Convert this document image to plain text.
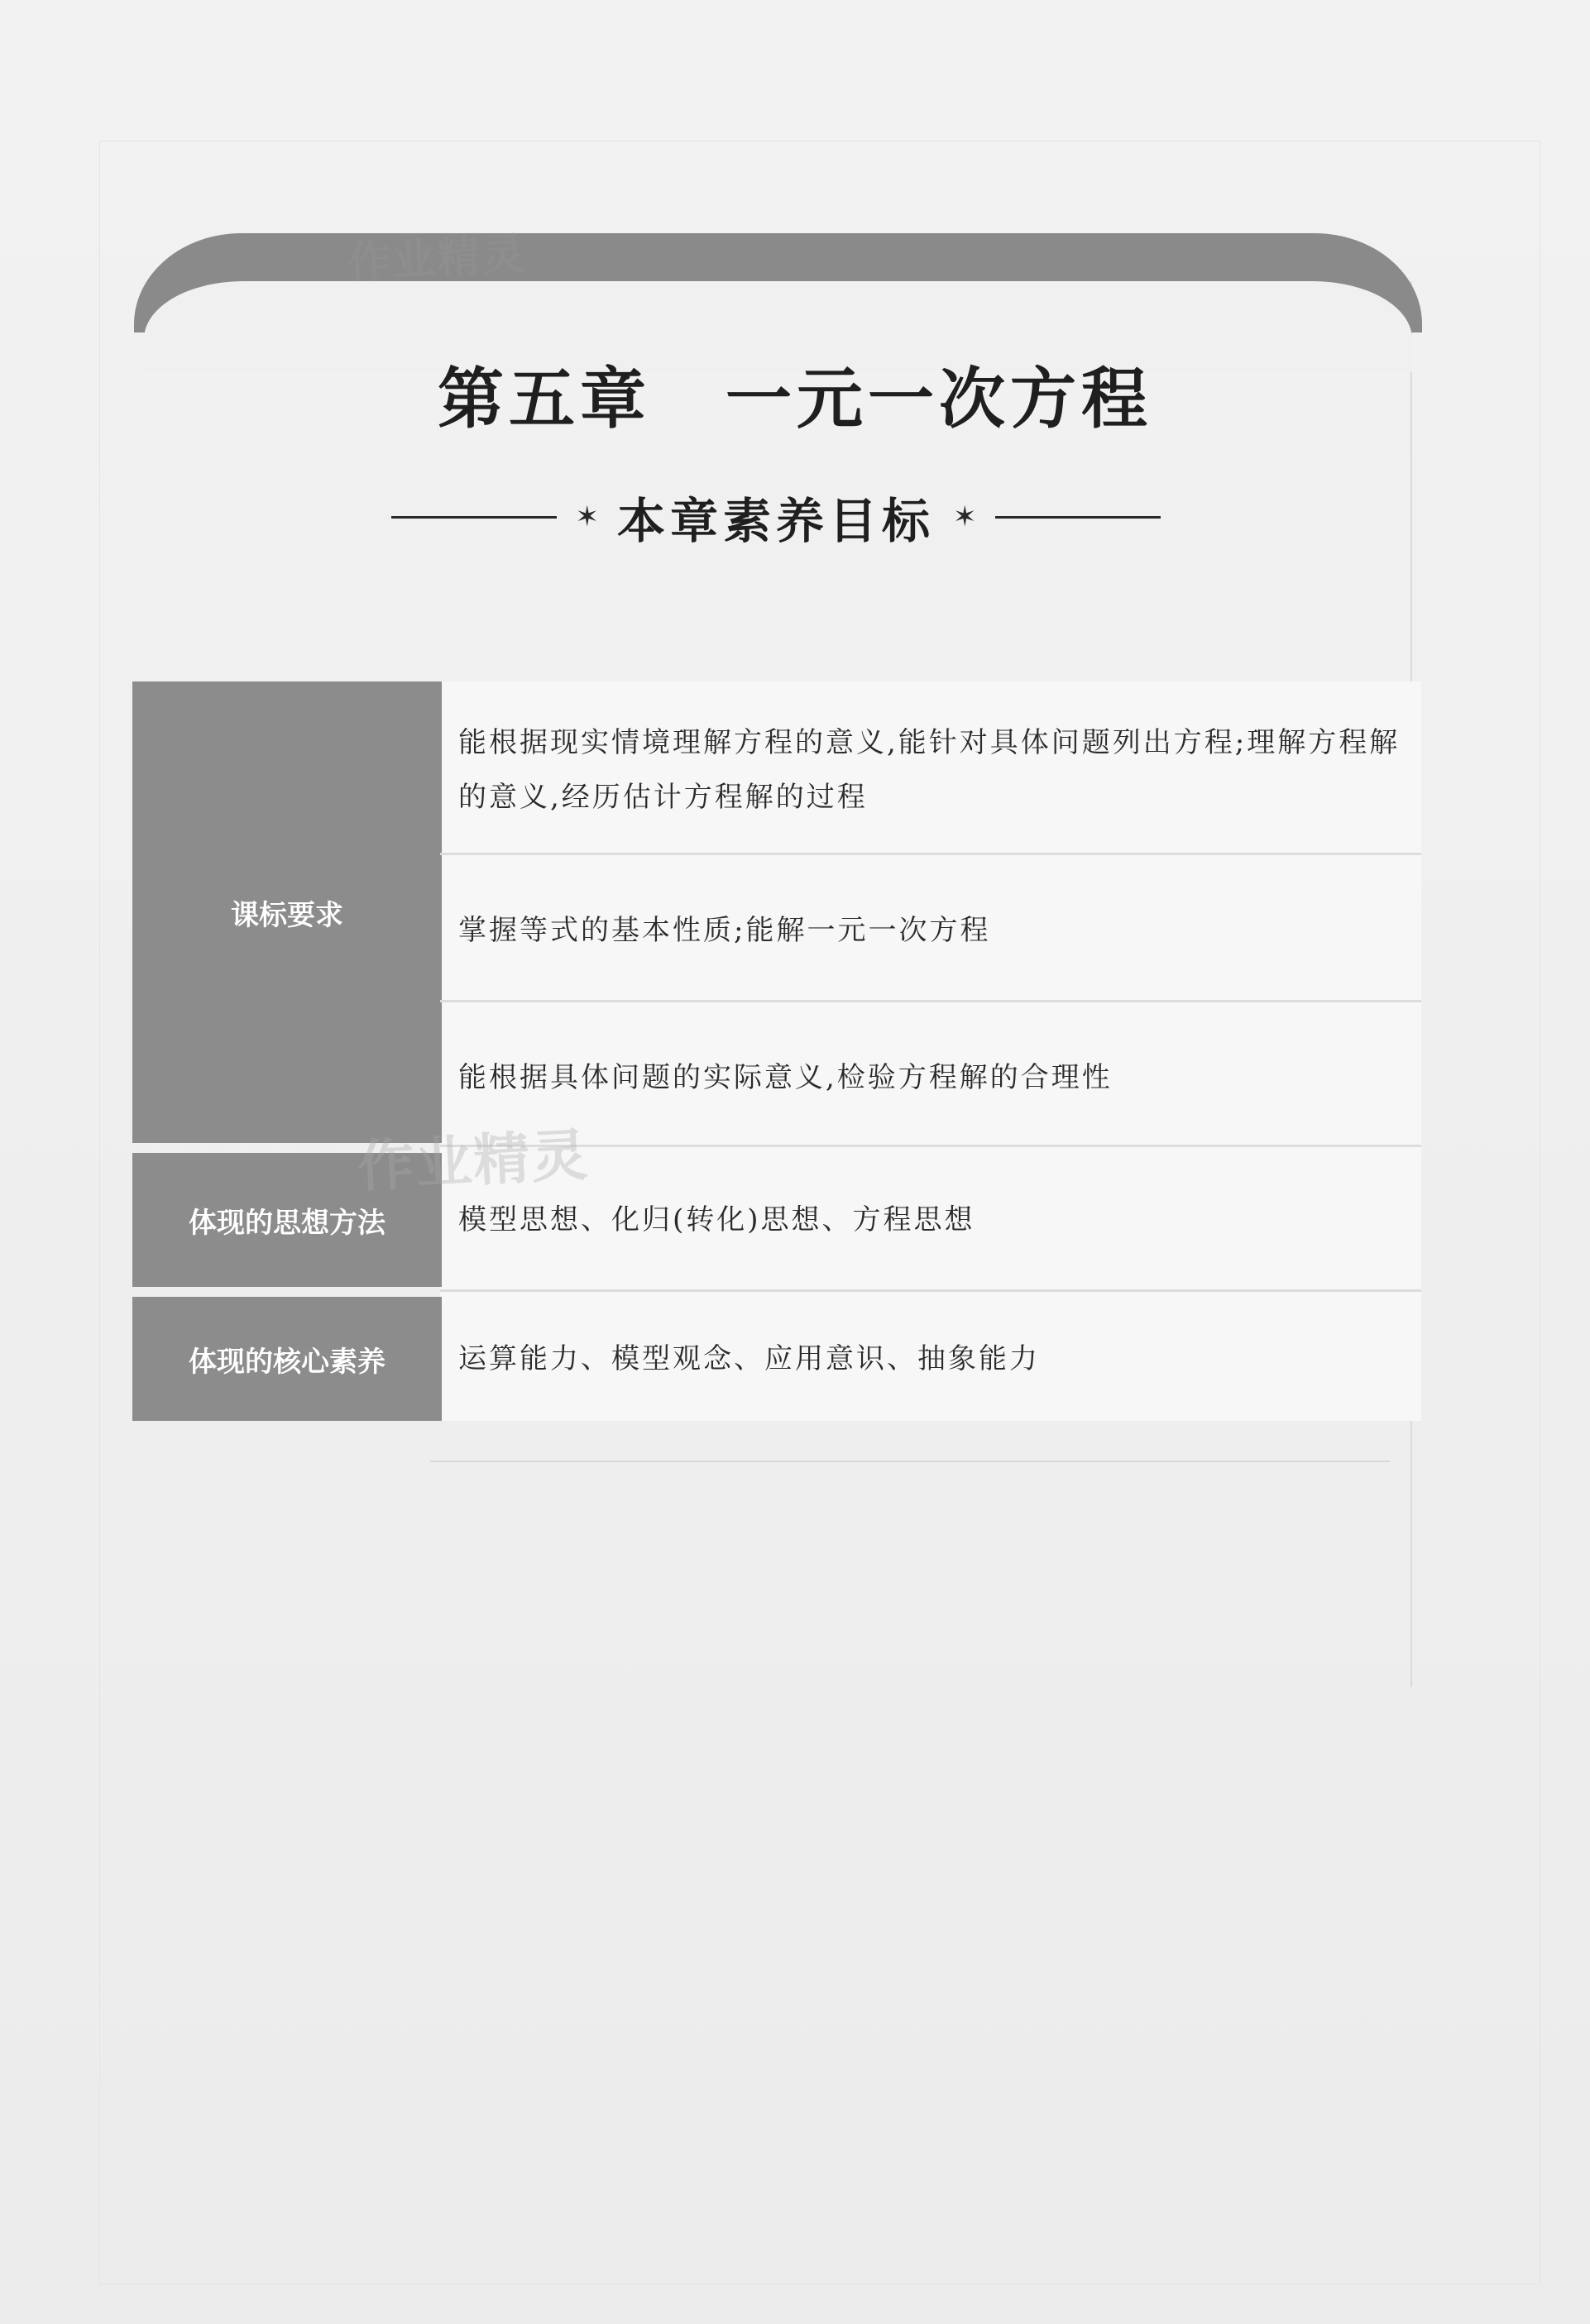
作业精灵
第五章 一元一次方程
✶ 本章素养目标 ✶
课标要求
体现的思想方法
体现的核心素养
能根据现实情境理解方程的意义,能针对具体问题列出方程;理解方程解的意义,经历估计方程解的过程
掌握等式的基本性质;能解一元一次方程
能根据具体问题的实际意义,检验方程解的合理性
模型思想、化归(转化)思想、方程思想
运算能力、模型观念、应用意识、抽象能力
作业精灵
